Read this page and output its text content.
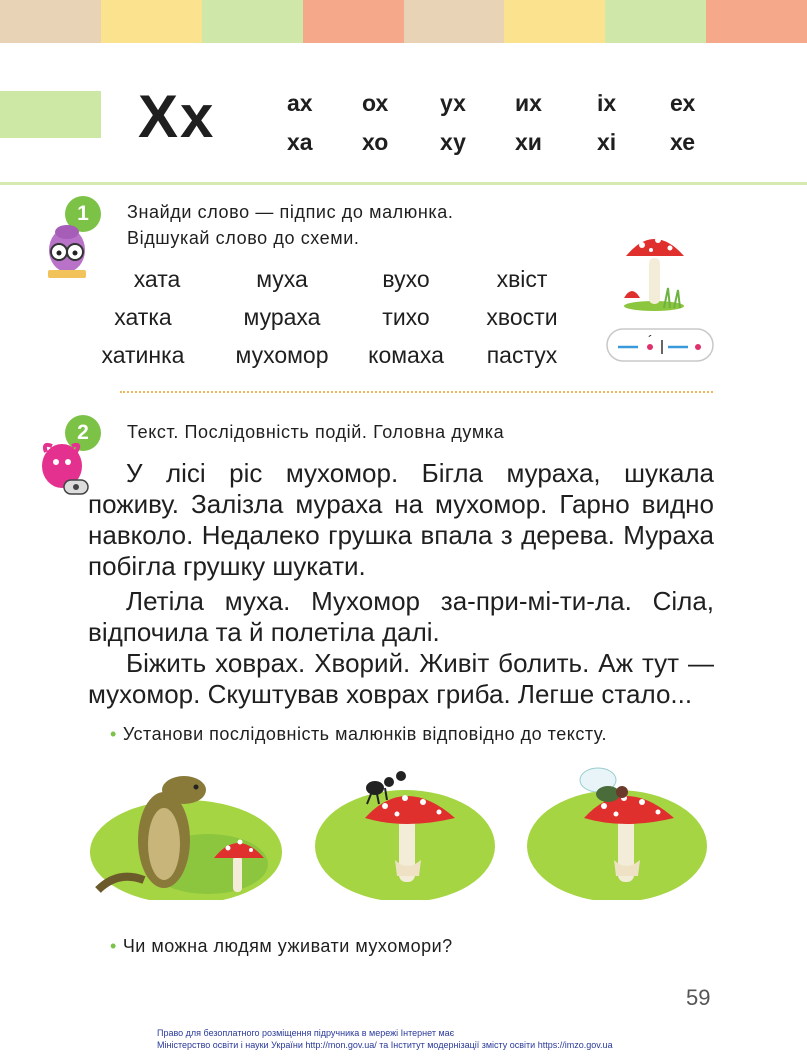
Хх	ах ох ух их іх ех
ха хо ху хи хі хе
1	Знайди слово — підпис до малюнка.
Відшукай слово до схеми.
хата	муха	вухо	хвіст
хатка	мураха	тихо	хвости
хатинка	мухомор	комаха	пастух
´
2	Текст. Послідовність подій. Головна думка
У лісі ріс мухомор. Бігла мураха, шукала поживу. Залізла мураха на мухомор. Гарно видно навколо. Недалеко грушка впала з дерева. Мураха побігла грушку шукати.
Летіла муха. Мухомор за-при-мі-ти-ла. Сіла, відпочила та й полетіла далі.
Біжить ховрах. Хворий. Живіт болить. Аж тут — мухомор. Скуштував ховрах гриба. Легше стало...
• Установи послідовність малюнків відповідно до тексту.
• Чи можна людям уживати мухомори?
59
Право для безоплатного розміщення підручника в мережі Інтернет має
Міністерство освіти і науки України http://mon.gov.ua/ та Інститут модернізації змісту освіти https://imzo.gov.ua
